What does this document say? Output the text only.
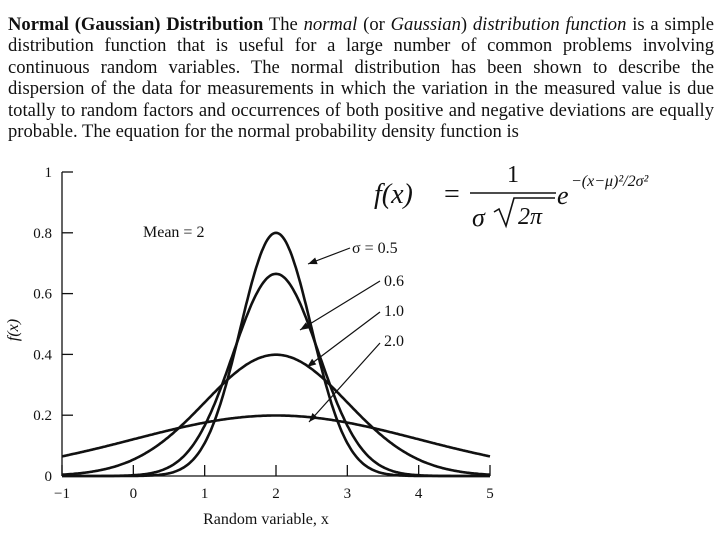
Normal (Gaussian) Distribution The normal (or Gaussian) distribution function is a simple distribution function that is useful for a large number of common problems involving continuous random variables. The normal distribution has been shown to describe the dispersion of the data for measurements in which the variation in the measured value is due totally to random factors and occurrences of both positive and negative deviations are equally probable. The equation for the normal probability density function is
f(x) =
1
σ 2π
e −(x−μ)²/2σ²
0
0.2
0.4
0.6
0.8
1
−1	0	1	2	3	4	5
σ = 0.5
0.6
1.0
2.0
Mean = 2
Random variable, x
f(x)
